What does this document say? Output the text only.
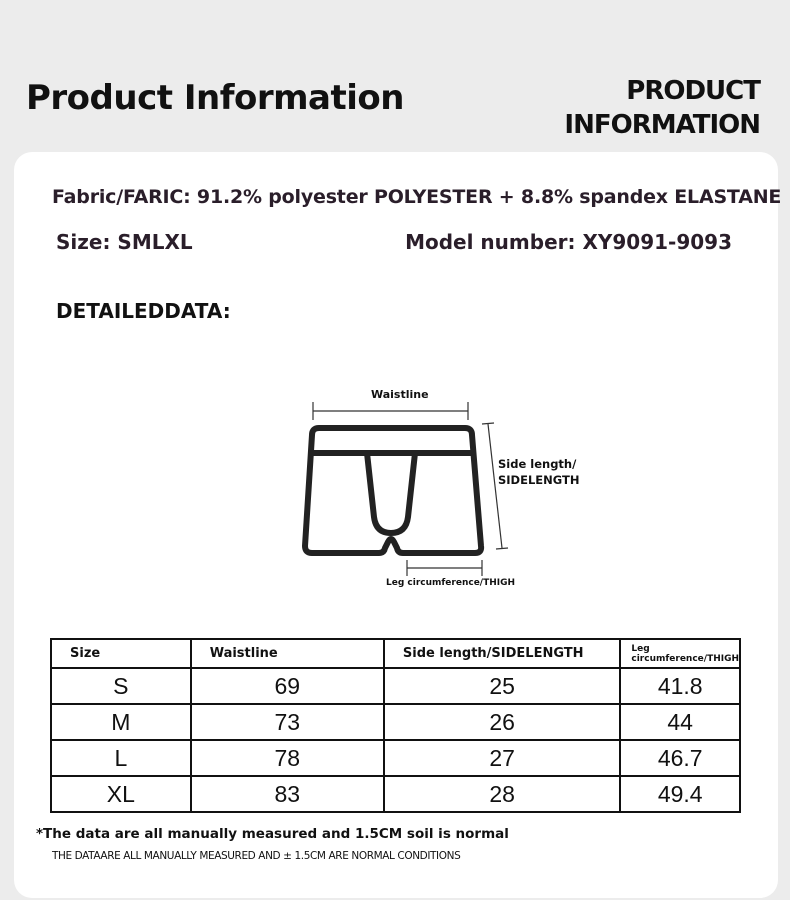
Product Information	PRODUCT
INFORMATION
Fabric/FARIC: 91.2% polyester POLYESTER + 8.8% spandex ELASTANE
Size: SMLXL	Model number: XY9091-9093
DETAILEDDATA:
Waistline
Side length/
SIDELENGTH
Leg circumference/THIGH
Size	Waistline	Side length/SIDELENGTH	Leg circumference/THIGH
S	69	25	41.8
M	73	26	44
L	78	27	46.7
XL	83	28	49.4
*The data are all manually measured and 1.5CM soil is normal
THE DATAARE ALL MANUALLY MEASURED AND ± 1.5CM ARE NORMAL CONDITIONS
